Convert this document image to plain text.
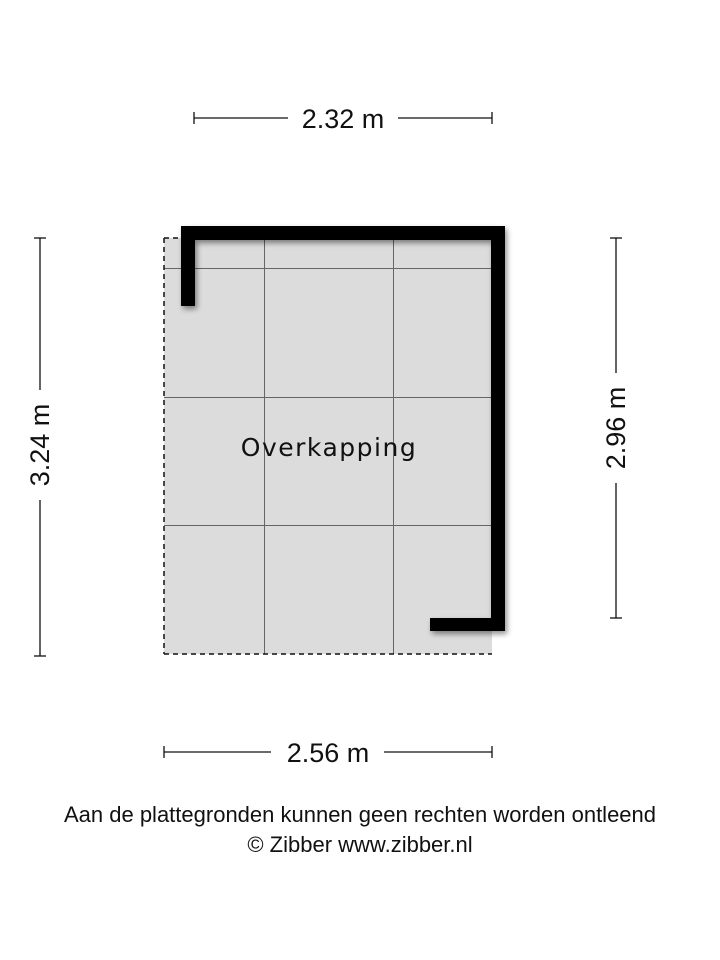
2.32 m
2.56 m
3.24 m	2.96 m
Overkapping
Aan de plattegronden kunnen geen rechten worden ontleend
© Zibber www.zibber.nl
